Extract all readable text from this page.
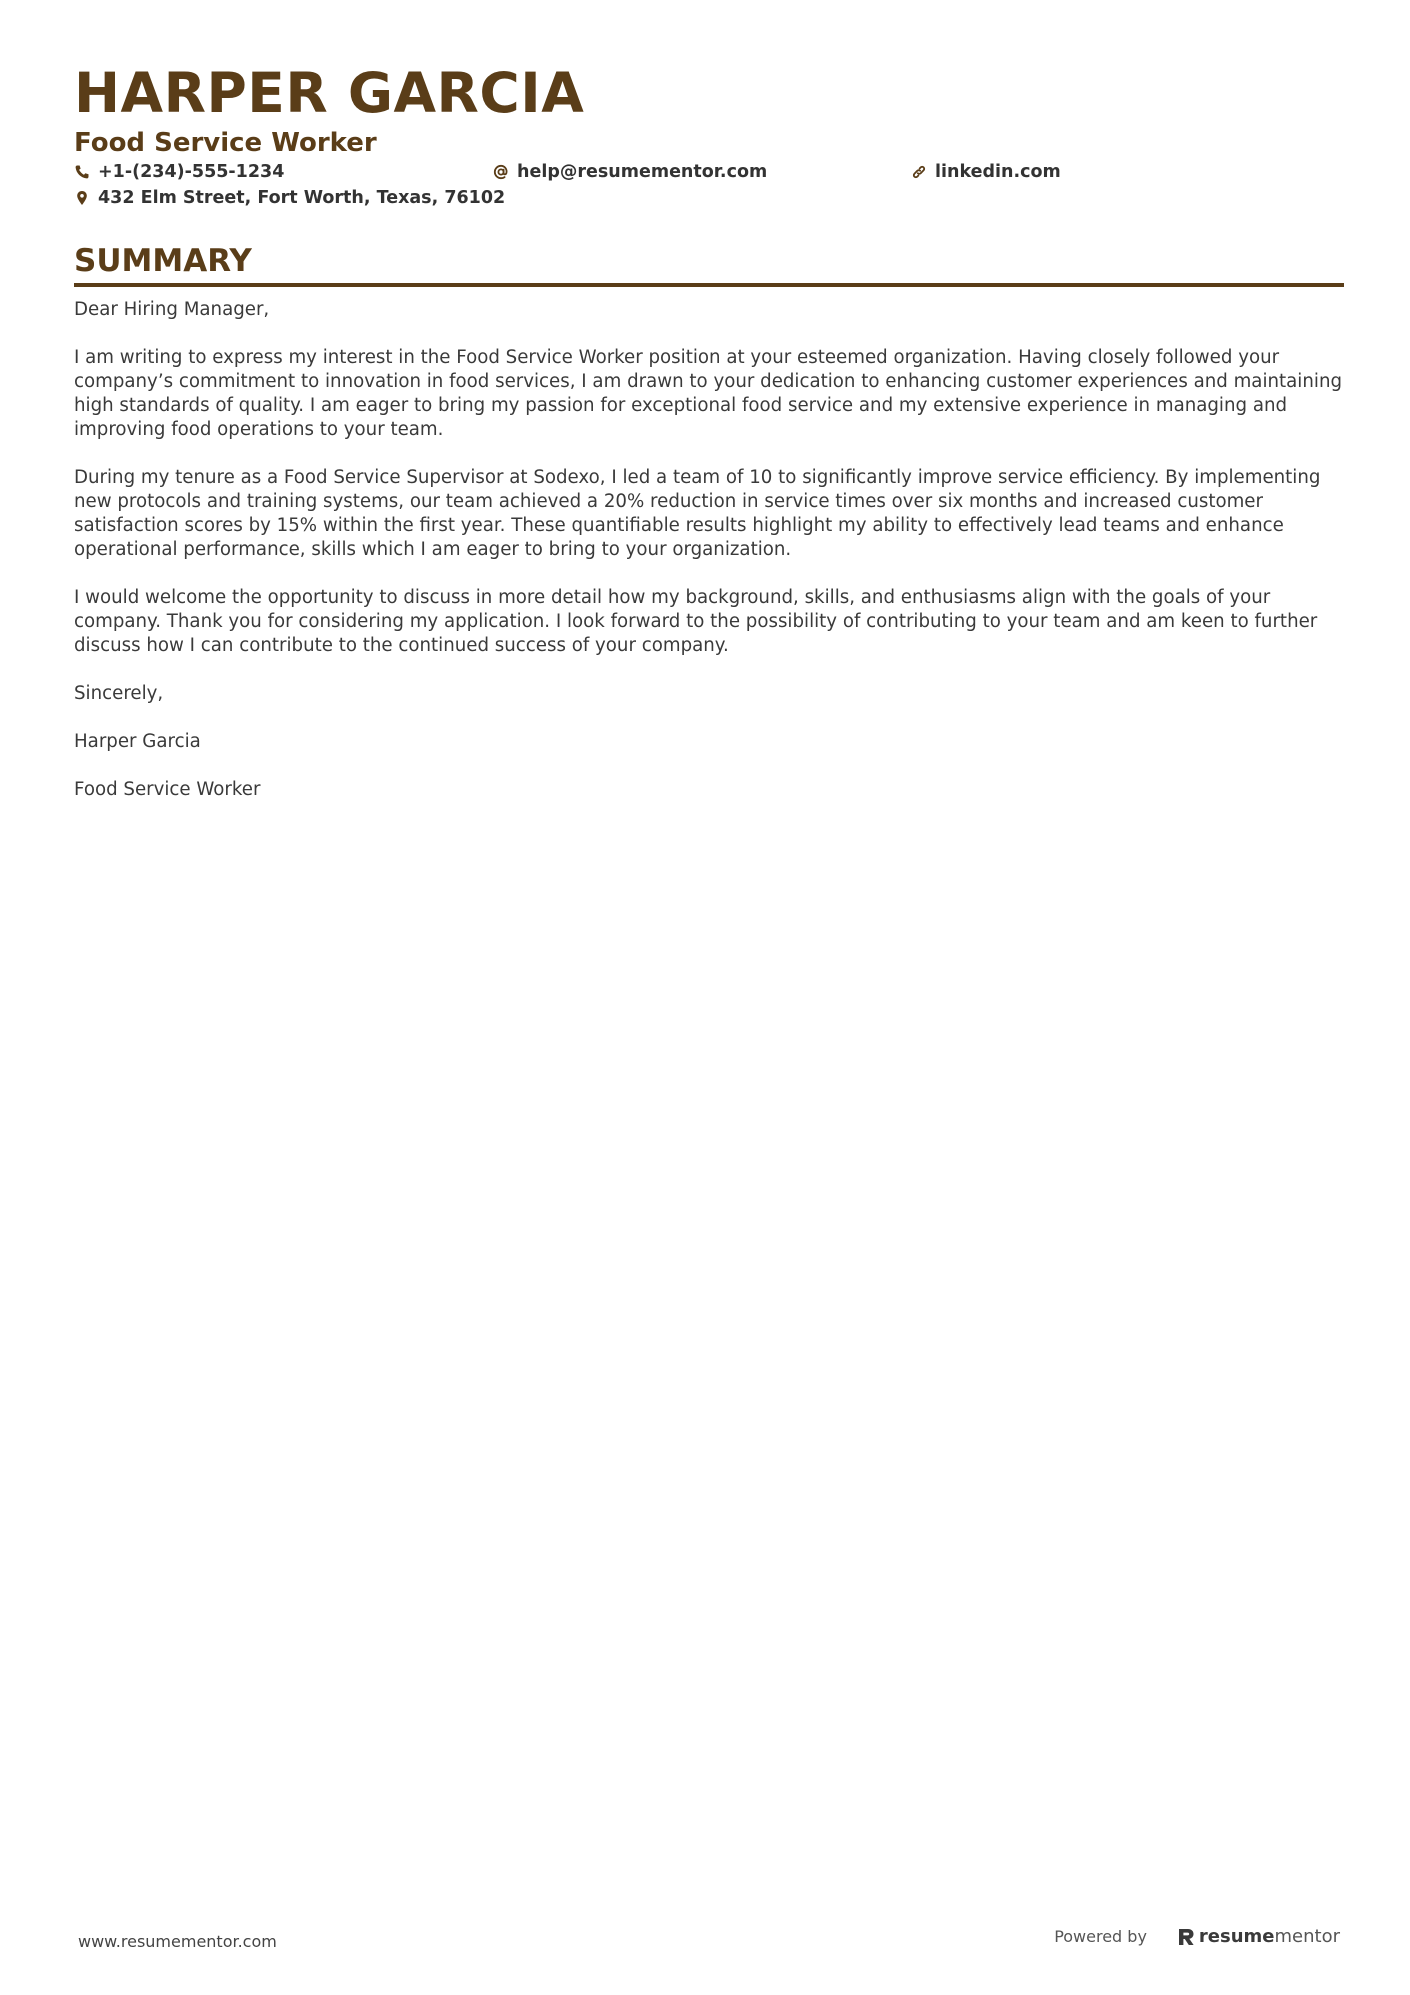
HARPER GARCIA
Food Service Worker
+1-(234)-555-1234	help@resumementor.com	linkedin.com
432 Elm Street, Fort Worth, Texas, 76102
SUMMARY

Dear Hiring Manager,

I am writing to express my interest in the Food Service Worker position at your esteemed organization. Having closely followed your company’s commitment to innovation in food services, I am drawn to your dedication to enhancing customer experiences and maintaining high standards of quality. I am eager to bring my passion for exceptional food service and my extensive experience in managing and improving food operations to your team.

During my tenure as a Food Service Supervisor at Sodexo, I led a team of 10 to significantly improve service efficiency. By implementing new protocols and training systems, our team achieved a 20% reduction in service times over six months and increased customer satisfaction scores by 15% within the first year. These quantifiable results highlight my ability to effectively lead teams and enhance operational performance, skills which I am eager to bring to your organization.

I would welcome the opportunity to discuss in more detail how my background, skills, and enthusiasms align with the goals of your company. Thank you for considering my application. I look forward to the possibility of contributing to your team and am keen to further discuss how I can contribute to the continued success of your company.

Sincerely,

Harper Garcia

Food Service Worker

www.resumementor.com	Powered by	resume mentor
